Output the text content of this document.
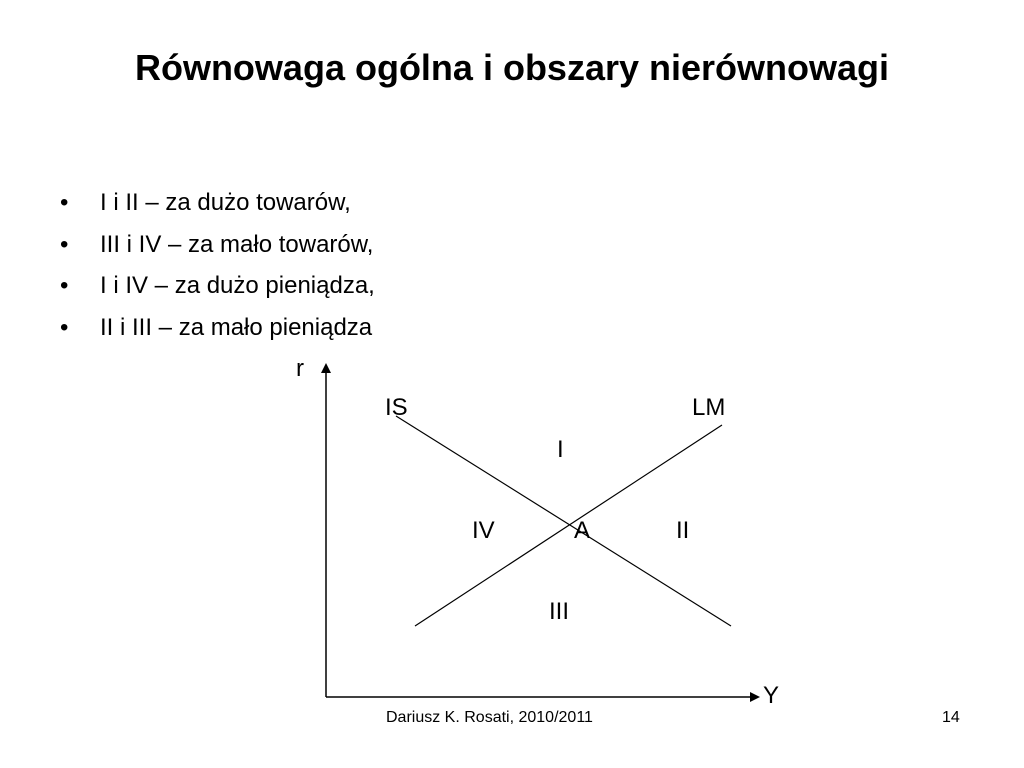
Równowaga ogólna i obszary nierównowagi
•	I i II – za dużo towarów,
•	III i IV – za mało towarów,
•	I i IV – za dużo pieniądza,
•	II i III – za mało pieniądza
r
Y
IS	LM
I
IV	A	II
III
Dariusz K. Rosati, 2010/2011	14
